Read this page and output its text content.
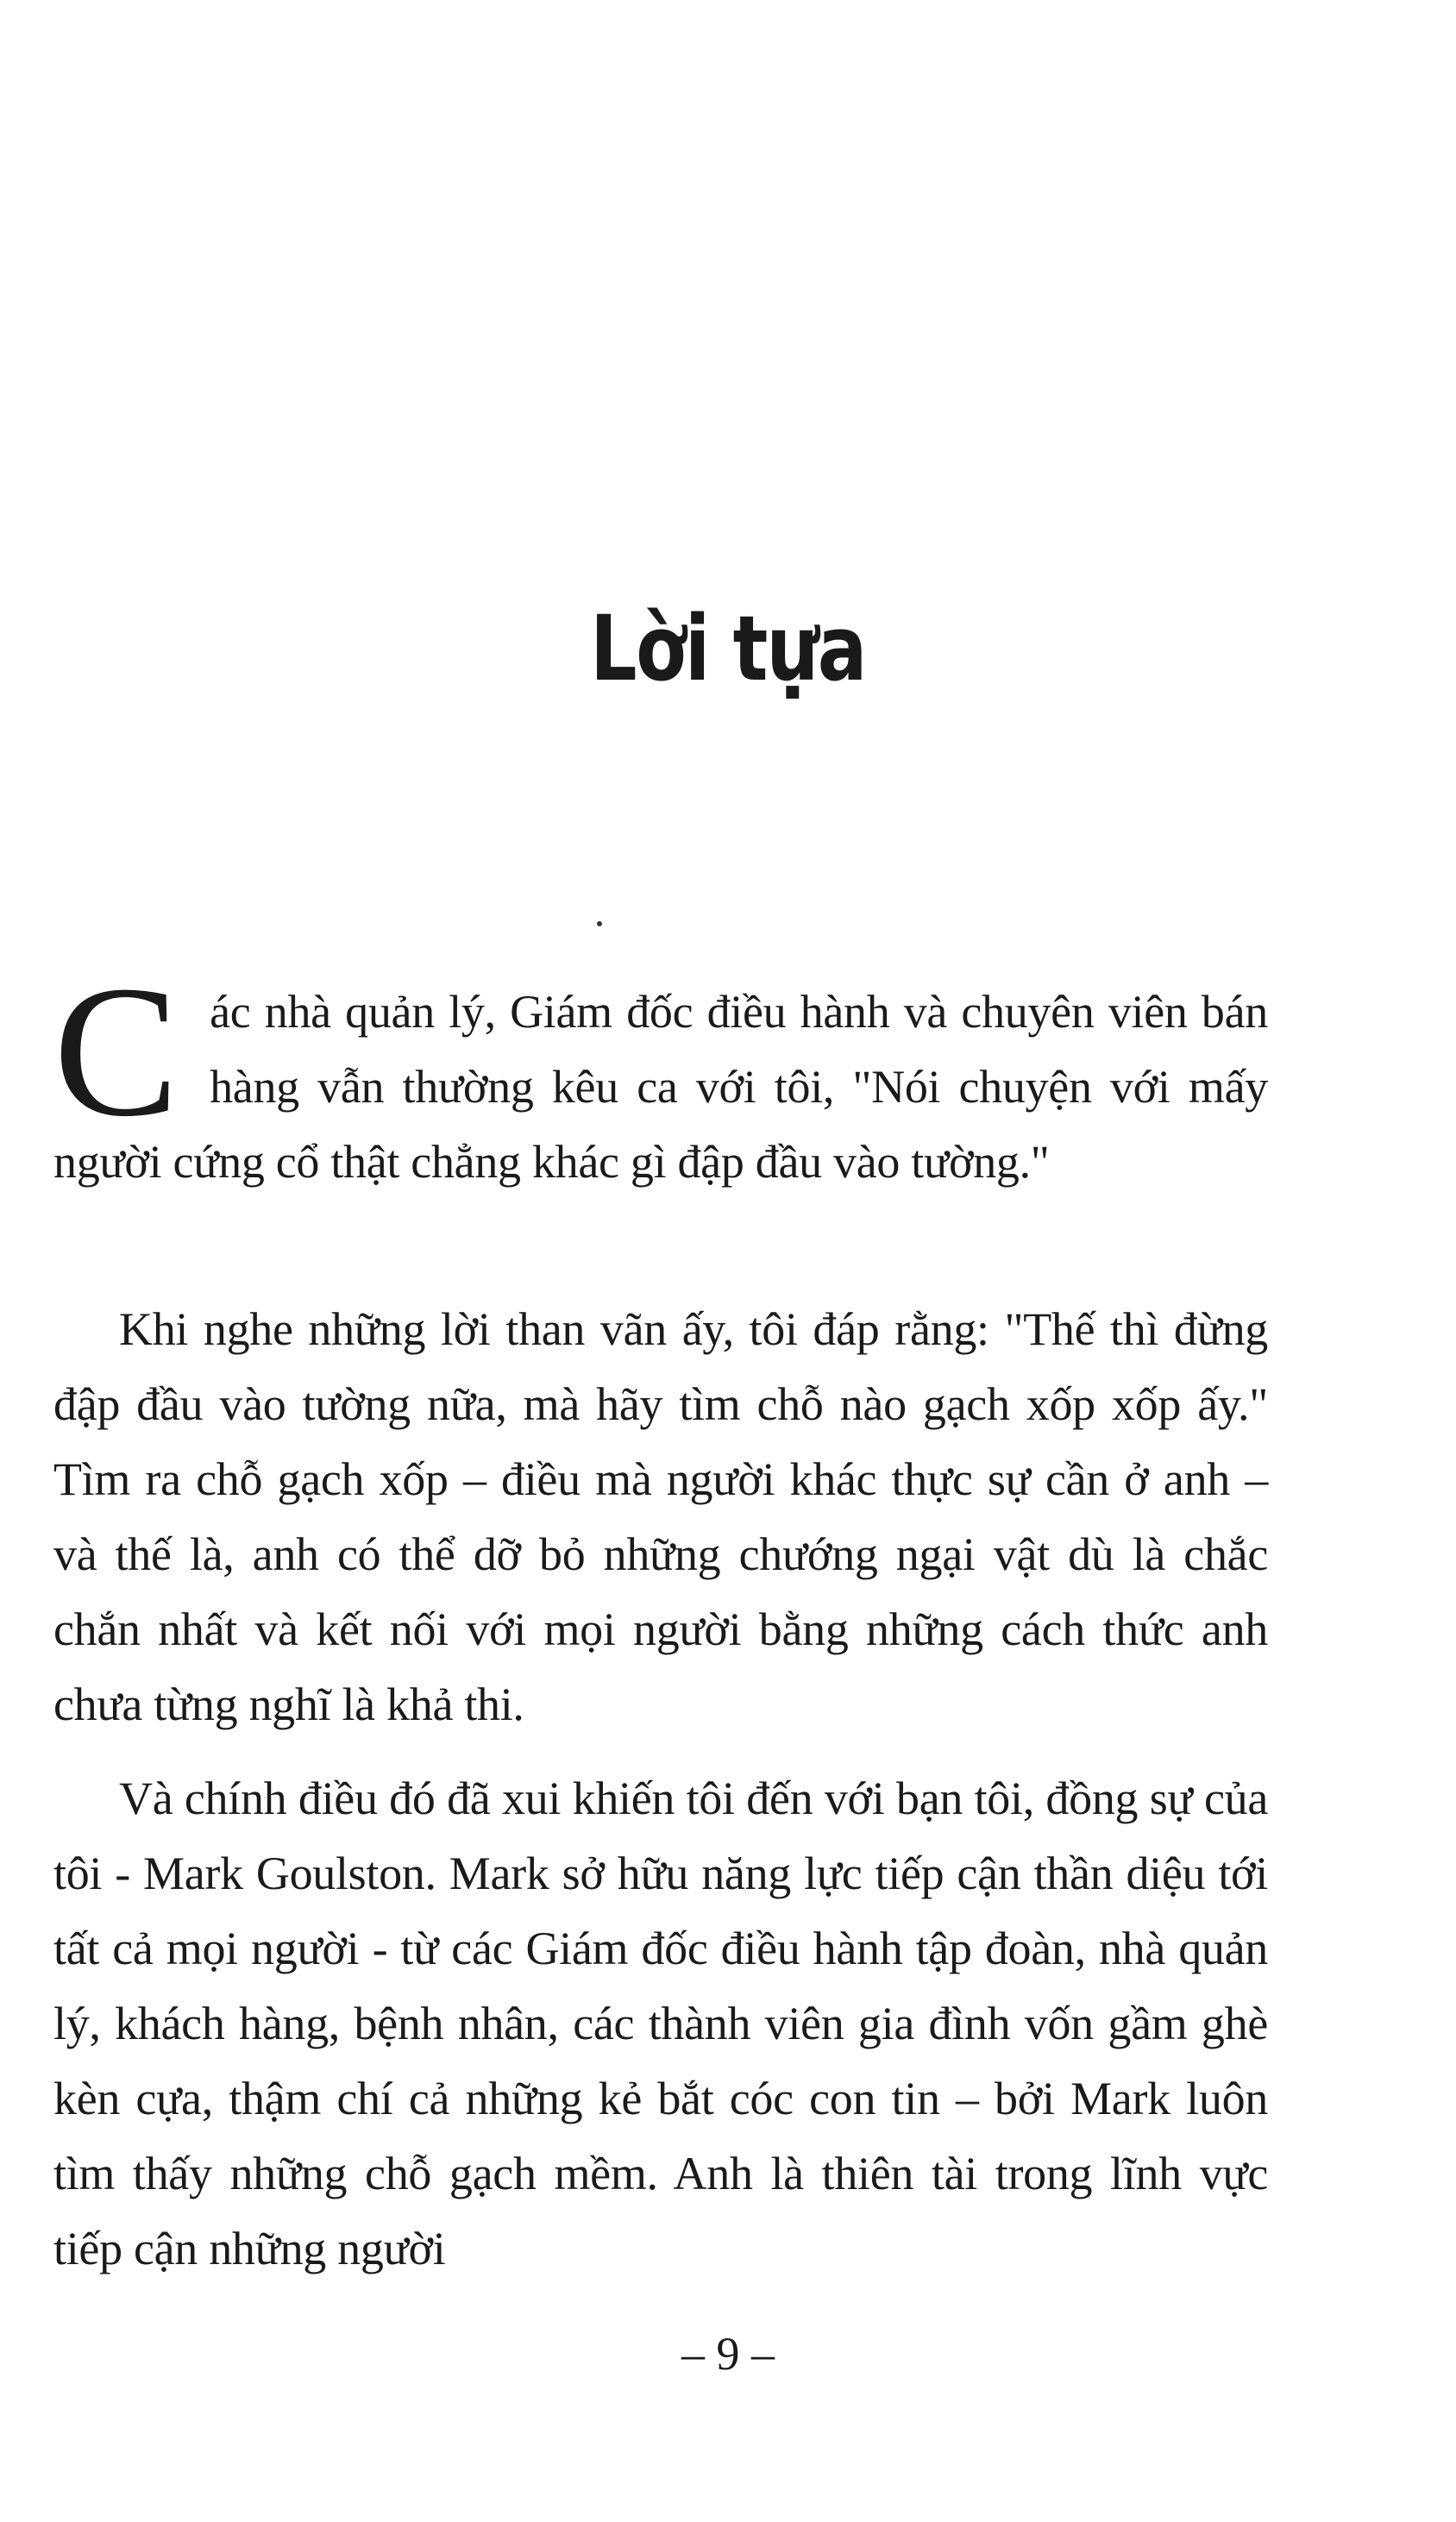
Lời tựa

Các nhà quản lý, Giám đốc điều hành và chuyên viên bán hàng vẫn thường kêu ca với tôi, "Nói chuyện với mấy người cứng cổ thật chẳng khác gì đập đầu vào tường."

Khi nghe những lời than vãn ấy, tôi đáp rằng: "Thế thì đừng đập đầu vào tường nữa, mà hãy tìm chỗ nào gạch xốp xốp ấy." Tìm ra chỗ gạch xốp – điều mà người khác thực sự cần ở anh – và thế là, anh có thể dỡ bỏ những chướng ngại vật dù là chắc chắn nhất và kết nối với mọi người bằng những cách thức anh chưa từng nghĩ là khả thi.

Và chính điều đó đã xui khiến tôi đến với bạn tôi, đồng sự của tôi - Mark Goulston. Mark sở hữu năng lực tiếp cận thần diệu tới tất cả mọi người - từ các Giám đốc điều hành tập đoàn, nhà quản lý, khách hàng, bệnh nhân, các thành viên gia đình vốn gầm ghè kèn cựa, thậm chí cả những kẻ bắt cóc con tin – bởi Mark luôn tìm thấy những chỗ gạch mềm. Anh là thiên tài trong lĩnh vực tiếp cận những người

– 9 –
